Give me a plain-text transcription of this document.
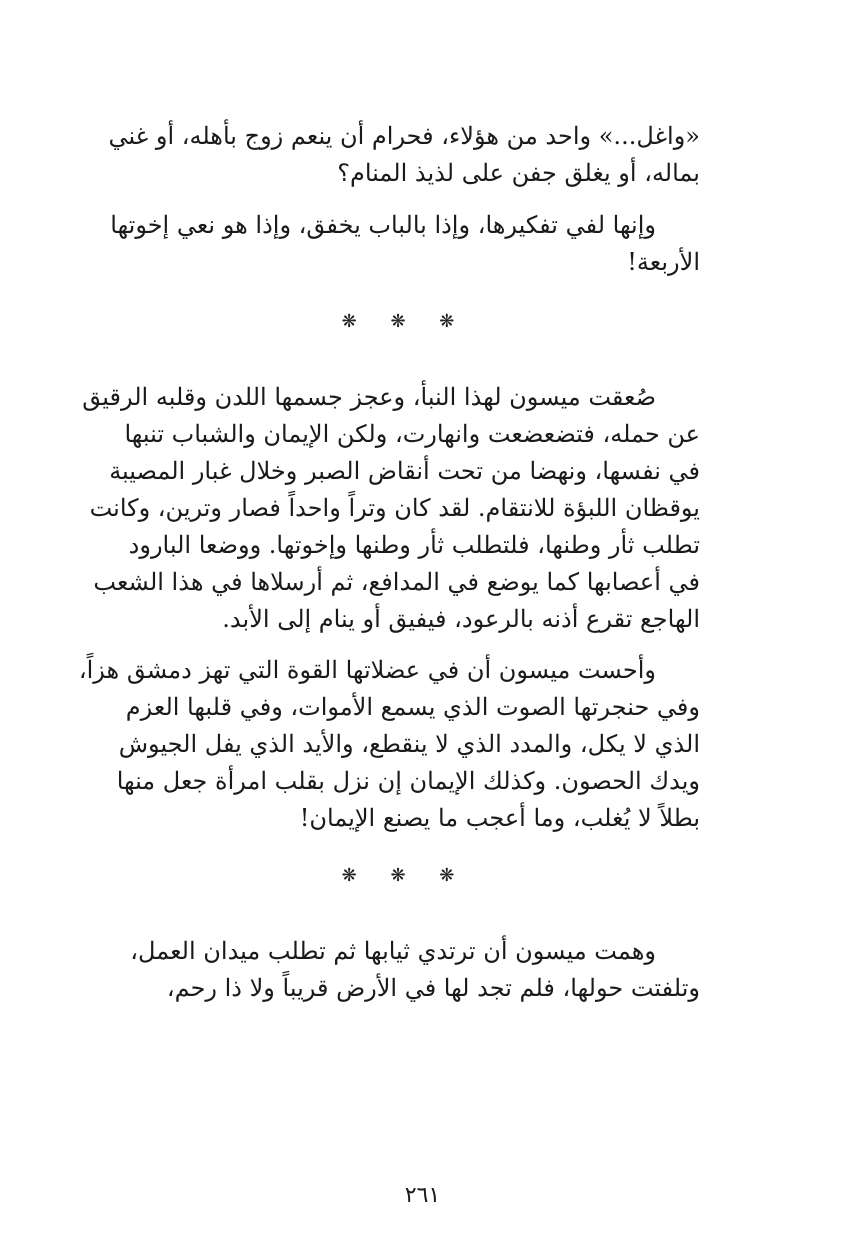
«واغل...» واحد من هؤلاء، فحرام أن ينعم زوج بأهله، أو غني
بماله، أو يغلق جفن على لذيذ المنام؟

وإنها لفي تفكيرها، وإذا بالباب يخفق، وإذا هو نعي إخوتها
الأربعة!

❋ ❋ ❋

صُعقت ميسون لهذا النبأ، وعجز جسمها اللدن وقلبه الرقيق
عن حمله، فتضعضعت وانهارت، ولكن الإيمان والشباب تنبها
في نفسها، ونهضا من تحت أنقاض الصبر وخلال غبار المصيبة
يوقظان اللبؤة للانتقام. لقد كان وتراً واحداً فصار وترين، وكانت
تطلب ثأر وطنها، فلتطلب ثأر وطنها وإخوتها. ووضعا البارود
في أعصابها كما يوضع في المدافع، ثم أرسلاها في هذا الشعب
الهاجع تقرع أذنه بالرعود، فيفيق أو ينام إلى الأبد.

وأحست ميسون أن في عضلاتها القوة التي تهز دمشق هزاً،
وفي حنجرتها الصوت الذي يسمع الأموات، وفي قلبها العزم
الذي لا يكل، والمدد الذي لا ينقطع، والأيد الذي يفل الجيوش
ويدك الحصون. وكذلك الإيمان إن نزل بقلب امرأة جعل منها
بطلاً لا يُغلب، وما أعجب ما يصنع الإيمان!

❋ ❋ ❋

وهمت ميسون أن ترتدي ثيابها ثم تطلب ميدان العمل،
وتلفتت حولها، فلم تجد لها في الأرض قريباً ولا ذا رحم،

٢٦١
